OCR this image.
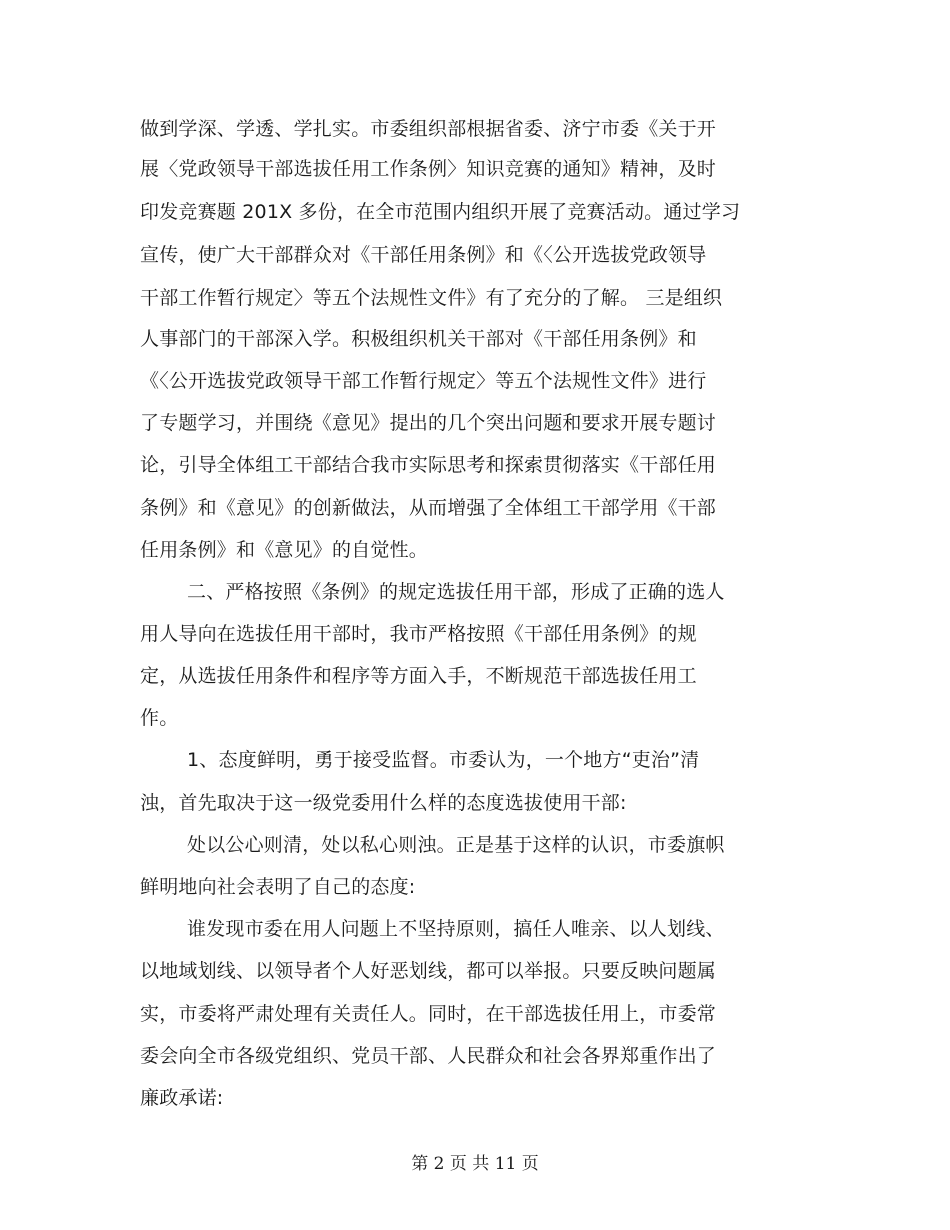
做到学深、学透、学扎实。市委组织部根据省委、济宁市委《关于开
展〈党政领导干部选拔任用工作条例〉知识竞赛的通知》精神，及时
印发竞赛题 201X 多份，在全市范围内组织开展了竞赛活动。通过学习
宣传，使广大干部群众对《干部任用条例》和《〈公开选拔党政领导
干部工作暂行规定〉等五个法规性文件》有了充分的了解。 三是组织
人事部门的干部深入学。积极组织机关干部对《干部任用条例》和
《〈公开选拔党政领导干部工作暂行规定〉等五个法规性文件》进行
了专题学习，并围绕《意见》提出的几个突出问题和要求开展专题讨
论，引导全体组工干部结合我市实际思考和探索贯彻落实《干部任用
条例》和《意见》的创新做法，从而增强了全体组工干部学用《干部
任用条例》和《意见》的自觉性。
二、严格按照《条例》的规定选拔任用干部，形成了正确的选人
用人导向在选拔任用干部时，我市严格按照《干部任用条例》的规
定，从选拔任用条件和程序等方面入手，不断规范干部选拔任用工
作。
1、态度鲜明，勇于接受监督。市委认为，一个地方“吏治”清
浊，首先取决于这一级党委用什么样的态度选拔使用干部:
处以公心则清，处以私心则浊。正是基于这样的认识，市委旗帜
鲜明地向社会表明了自己的态度:
谁发现市委在用人问题上不坚持原则，搞任人唯亲、以人划线、
以地域划线、以领导者个人好恶划线，都可以举报。只要反映问题属
实，市委将严肃处理有关责任人。同时，在干部选拔任用上，市委常
委会向全市各级党组织、党员干部、人民群众和社会各界郑重作出了
廉政承诺:
第 2 页 共 11 页
